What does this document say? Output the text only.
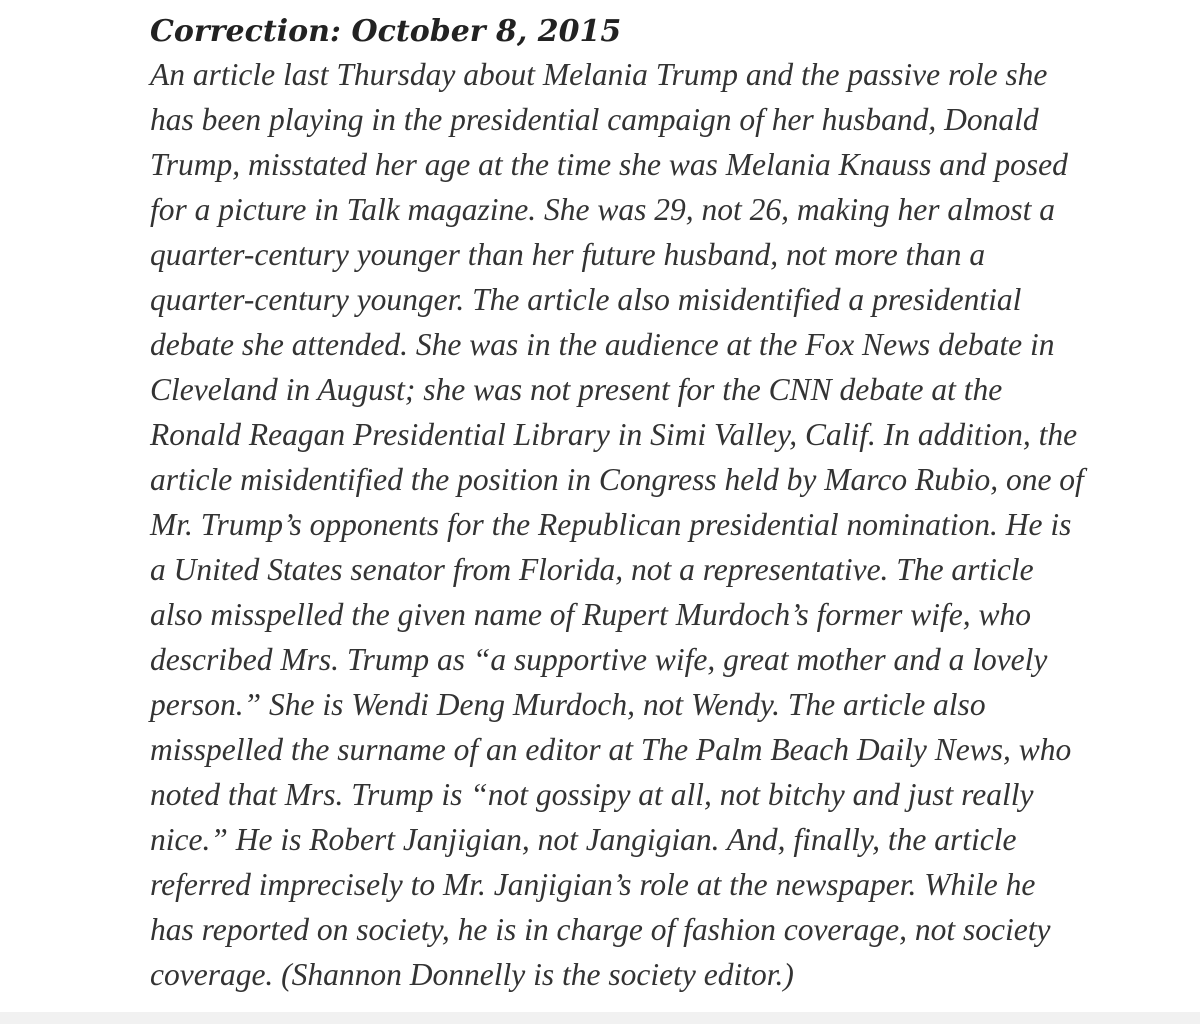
Correction: October 8, 2015

An article last Thursday about Melania Trump and the passive role she
has been playing in the presidential campaign of her husband, Donald
Trump, misstated her age at the time she was Melania Knauss and posed
for a picture in Talk magazine. She was 29, not 26, making her almost a
quarter-century younger than her future husband, not more than a
quarter-century younger. The article also misidentified a presidential
debate she attended. She was in the audience at the Fox News debate in
Cleveland in August; she was not present for the CNN debate at the
Ronald Reagan Presidential Library in Simi Valley, Calif. In addition, the
article misidentified the position in Congress held by Marco Rubio, one of
Mr. Trump’s opponents for the Republican presidential nomination. He is
a United States senator from Florida, not a representative. The article
also misspelled the given name of Rupert Murdoch’s former wife, who
described Mrs. Trump as “a supportive wife, great mother and a lovely
person.” She is Wendi Deng Murdoch, not Wendy. The article also
misspelled the surname of an editor at The Palm Beach Daily News, who
noted that Mrs. Trump is “not gossipy at all, not bitchy and just really
nice.” He is Robert Janjigian, not Jangigian. And, finally, the article
referred imprecisely to Mr. Janjigian’s role at the newspaper. While he
has reported on society, he is in charge of fashion coverage, not society
coverage. (Shannon Donnelly is the society editor.)
